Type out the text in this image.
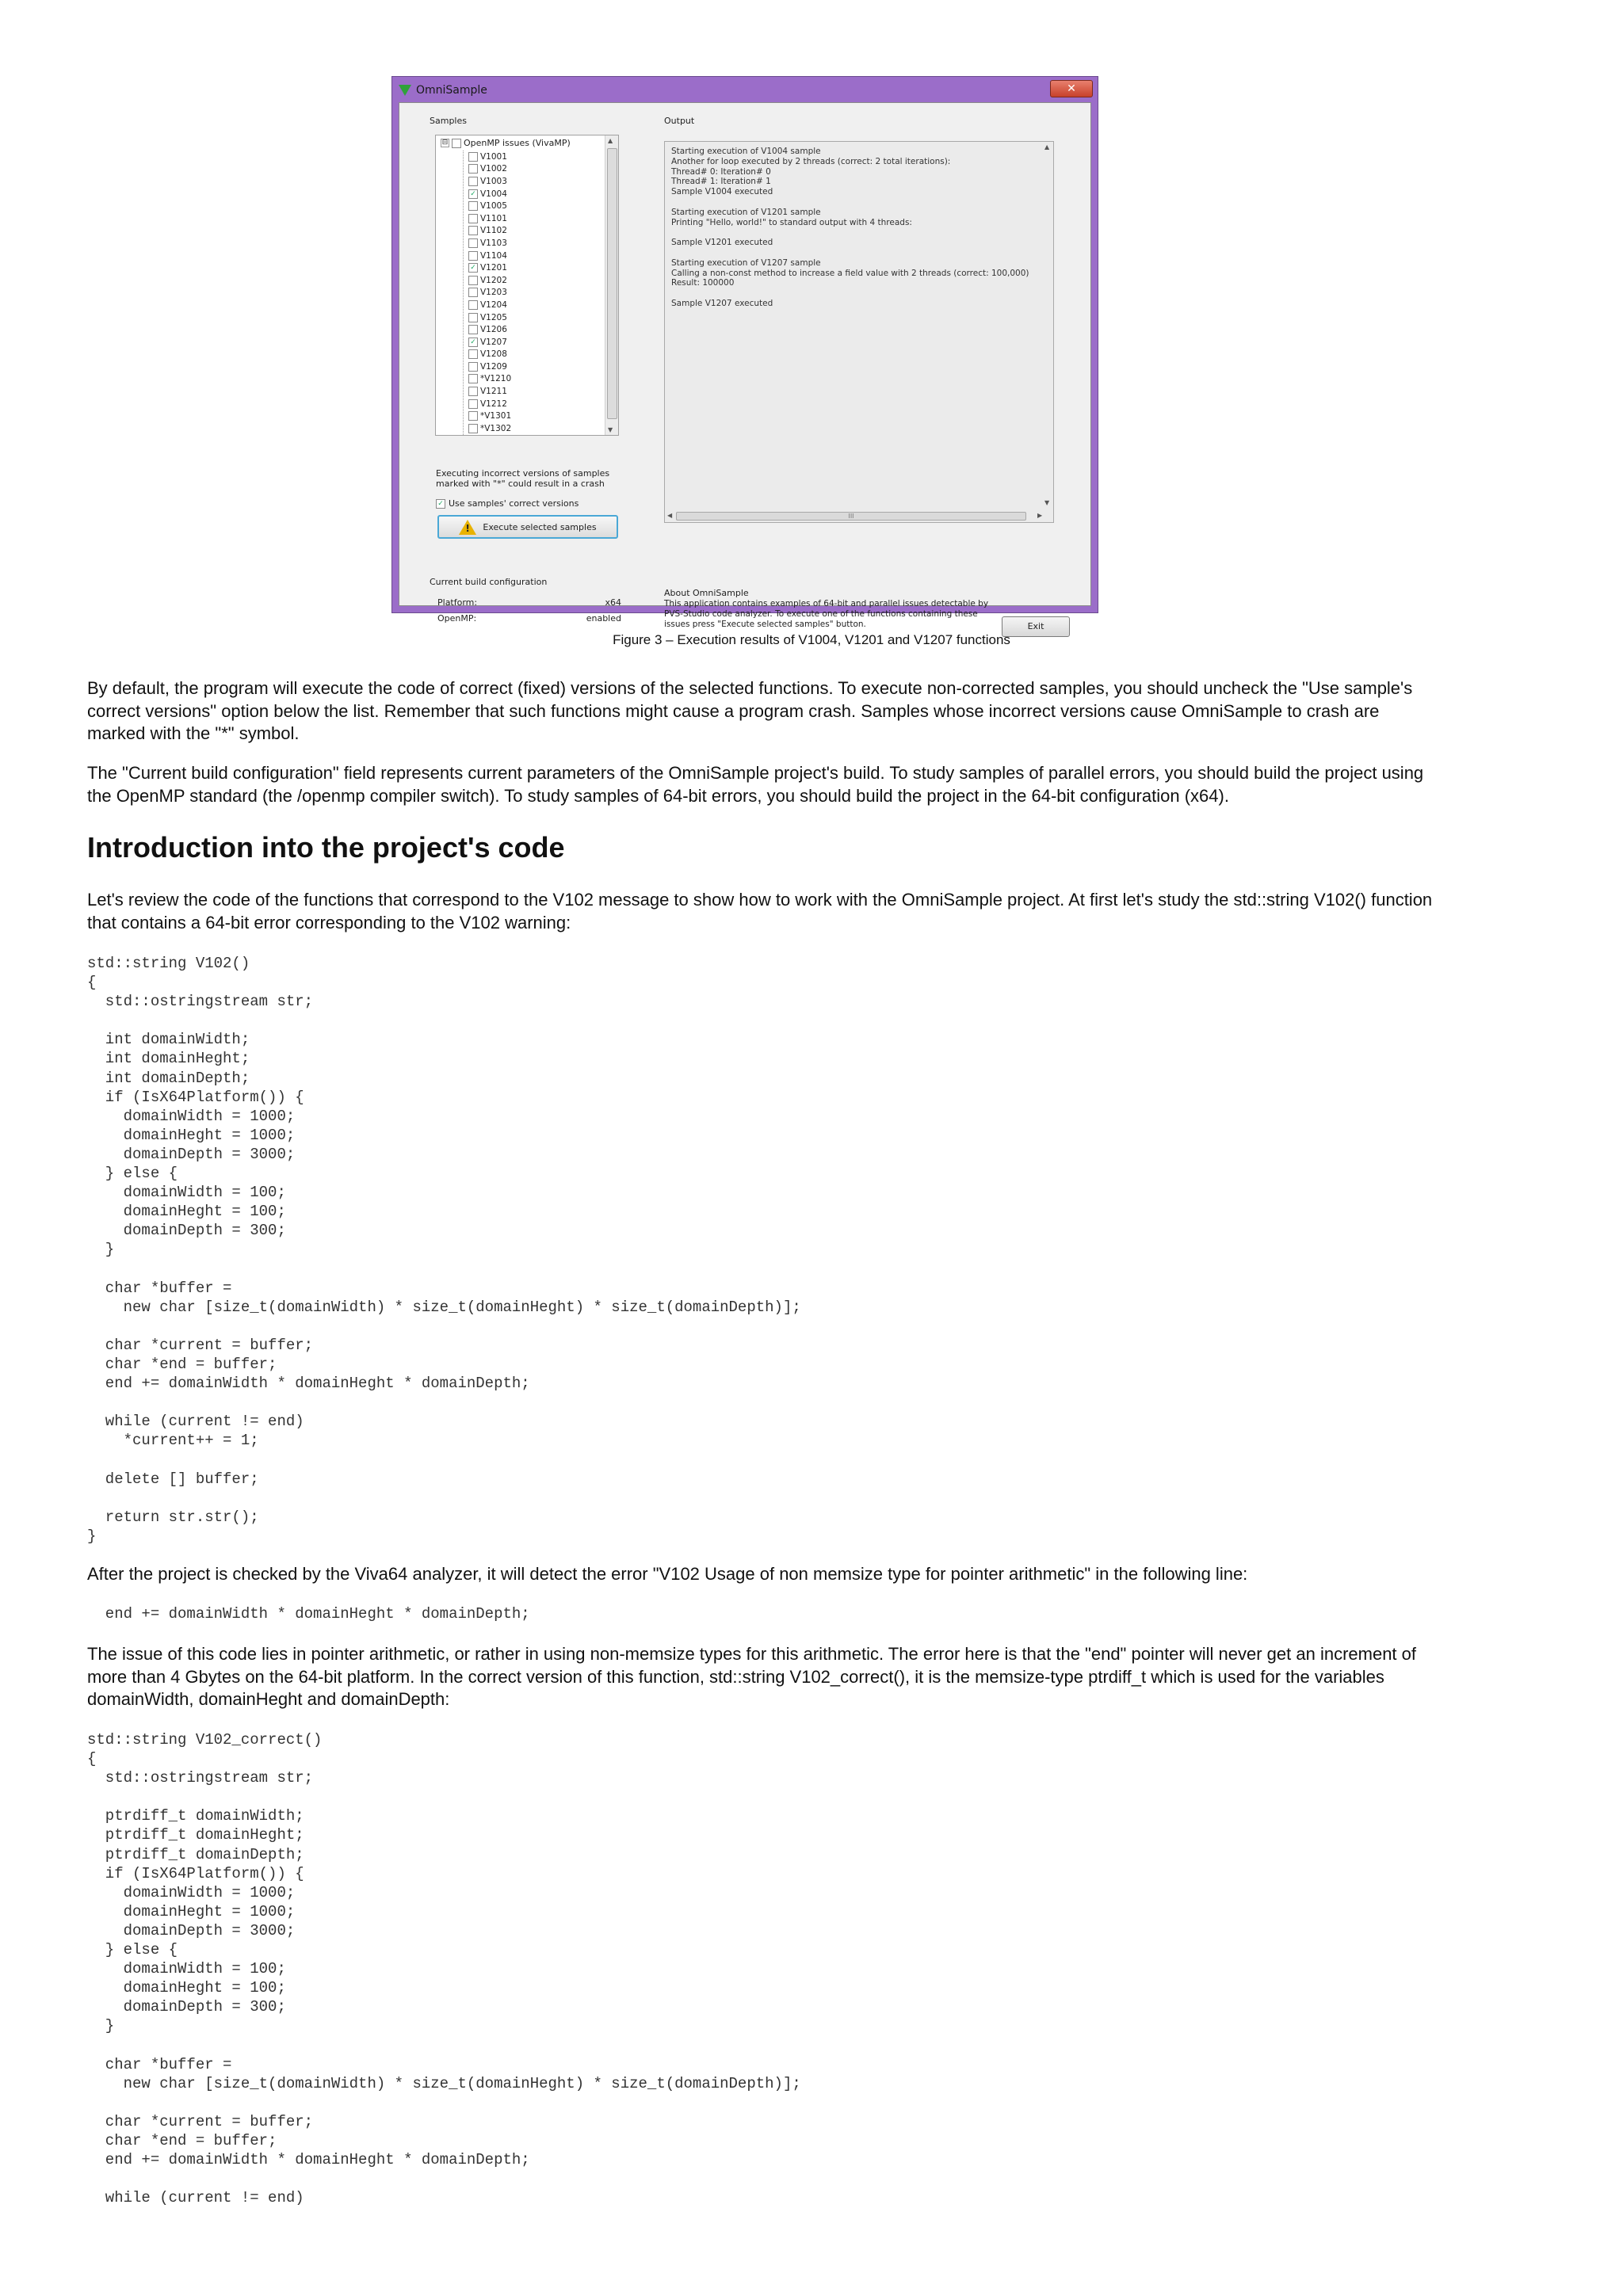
OmniSample	✕
Samples	Output
⊟ OpenMP issues (VivaMP)
V1001
V1002
V1003
✓ V1004
V1005
V1101
V1102
V1103
V1104
✓ V1201
V1202
V1203
V1204
V1205
V1206
✓ V1207
V1208
V1209
*V1210
V1211
V1212
*V1301
*V1302
▲
▼
Executing incorrect versions of samples marked with "*" could result in a crash
✓ Use samples' correct versions
! Execute selected samples
Current build configuration
Platform:	x64
OpenMP:	enabled
Starting execution of V1004 sample
Another for loop executed by 2 threads (correct: 2 total iterations):
Thread# 0: Iteration# 0
Thread# 1: Iteration# 1
Sample V1004 executed

Starting execution of V1201 sample
Printing "Hello, world!" to standard output with 4 threads:

Sample V1201 executed

Starting execution of V1207 sample
Calling a non-const method to increase a field value with 2 threads (correct: 100,000)
Result: 100000

Sample V1207 executed
▲
▼
◀	III	▶
About OmniSample
This application contains examples of 64-bit and parallel issues detectable by PVS-Studio code analyzer. To execute one of the functions containing these issues press "Execute selected samples" button.	Exit
Figure 3 – Execution results of V1004, V1201 and V1207 functions
By default, the program will execute the code of correct (fixed) versions of the selected functions. To execute non-corrected samples, you should uncheck the "Use sample's correct versions" option below the list. Remember that such functions might cause a program crash. Samples whose incorrect versions cause OmniSample to crash are marked with the "*" symbol.
The "Current build configuration" field represents current parameters of the OmniSample project's build. To study samples of parallel errors, you should build the project using the OpenMP standard (the /openmp compiler switch). To study samples of 64-bit errors, you should build the project in the 64-bit configuration (x64).
Introduction into the project's code
Let's review the code of the functions that correspond to the V102 message to show how to work with the OmniSample project. At first let's study the std::string V102() function that contains a 64-bit error corresponding to the V102 warning:
std::string V102()
{
std::ostringstream str;

int domainWidth;
int domainHeght;
int domainDepth;
if (IsX64Platform()) {
domainWidth = 1000;
domainHeght = 1000;
domainDepth = 3000;
} else {
domainWidth = 100;
domainHeght = 100;
domainDepth = 300;
}

char *buffer =
new char [size_t(domainWidth) * size_t(domainHeght) * size_t(domainDepth)];

char *current = buffer;
char *end = buffer;
end += domainWidth * domainHeght * domainDepth;

while (current != end)
*current++ = 1;

delete [] buffer;

return str.str();
}
After the project is checked by the Viva64 analyzer, it will detect the error "V102 Usage of non memsize type for pointer arithmetic" in the following line:
end += domainWidth * domainHeght * domainDepth;
The issue of this code lies in pointer arithmetic, or rather in using non-memsize types for this arithmetic. The error here is that the "end" pointer will never get an increment of more than 4 Gbytes on the 64-bit platform. In the correct version of this function, std::string V102_correct(), it is the memsize-type ptrdiff_t which is used for the variables domainWidth, domainHeght and domainDepth:
std::string V102_correct()
{
std::ostringstream str;

ptrdiff_t domainWidth;
ptrdiff_t domainHeght;
ptrdiff_t domainDepth;
if (IsX64Platform()) {
domainWidth = 1000;
domainHeght = 1000;
domainDepth = 3000;
} else {
domainWidth = 100;
domainHeght = 100;
domainDepth = 300;
}

char *buffer =
new char [size_t(domainWidth) * size_t(domainHeght) * size_t(domainDepth)];

char *current = buffer;
char *end = buffer;
end += domainWidth * domainHeght * domainDepth;

while (current != end)
